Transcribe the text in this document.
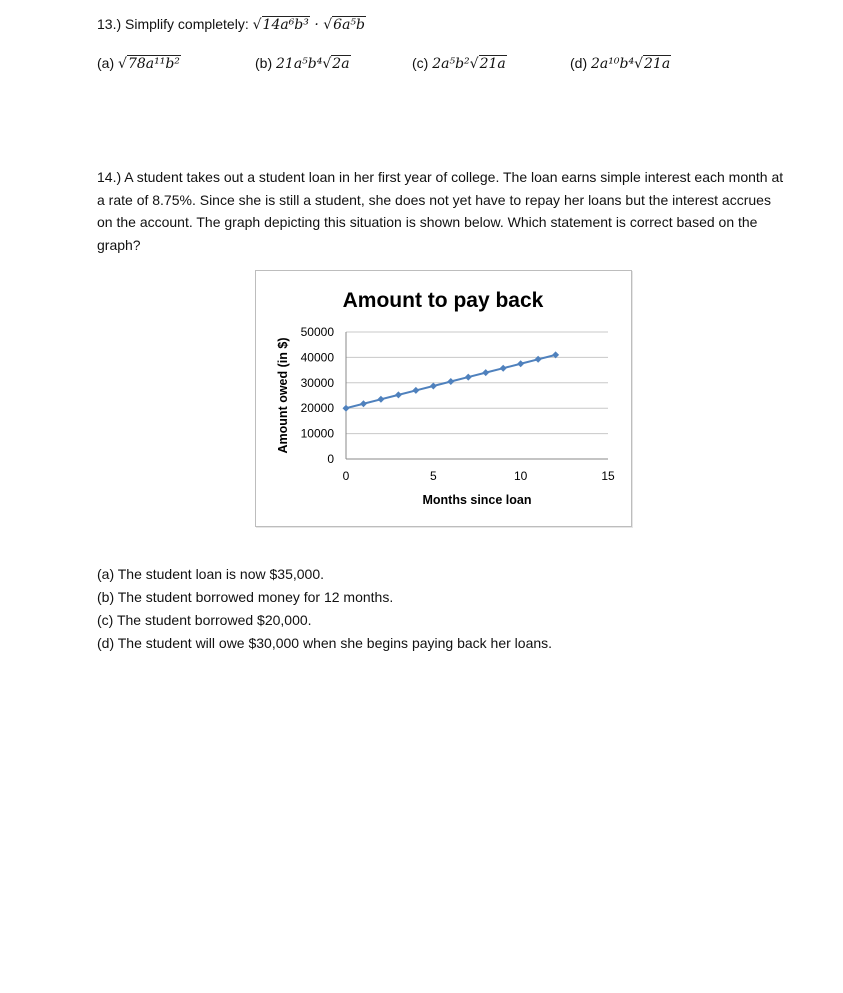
13.) Simplify completely: √14a⁶b³ · √6a⁵b
(a) √78a¹¹b²	(b) 21a⁵b⁴√2a	(c) 2a⁵b²√21a	(d) 2a¹⁰b⁴√21a
14.) A student takes out a student loan in her first year of college. The loan earns simple interest each month at a rate of 8.75%. Since she is still a student, she does not yet have to repay her loans but the interest accrues on the account. The graph depicting this situation is shown below. Which statement is correct based on the graph?
Amount to pay back
50000
40000
30000
20000
10000
0
0	5	10	15
Months since loan
Amount owed (in $)
(a) The student loan is now $35,000.
(b) The student borrowed money for 12 months.
(c) The student borrowed $20,000.
(d) The student will owe $30,000 when she begins paying back her loans.
